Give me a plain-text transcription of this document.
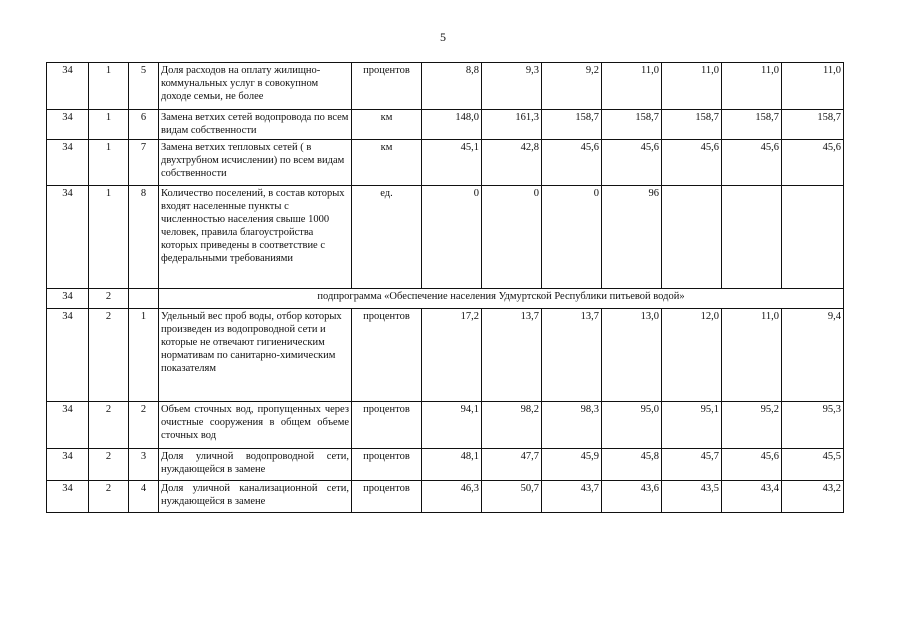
5
34	1	5	Доля расходов на оплату жилищно-коммунальных услуг в совокупном доходе семьи, не более	процентов	8,8	9,3	9,2	11,0	11,0	11,0	11,0
34	1	6	Замена ветхих сетей водопровода по всем видам собственности	км	148,0	161,3	158,7	158,7	158,7	158,7	158,7
34	1	7	Замена ветхих тепловых сетей ( в двухтрубном исчислении) по всем видам собственности	км	45,1	42,8	45,6	45,6	45,6	45,6	45,6
34	1	8	Количество поселений, в состав которых входят населенные пункты с численностью населения свыше 1000 человек, правила благоустройства которых приведены в соответствие с федеральными требованиями	ед.	0	0	0	96			
34	2		подпрограмма «Обеспечение населения Удмуртской Республики питьевой водой»								
34	2	1	Удельный вес проб воды, отбор которых произведен из водопроводной сети и которые не отвечают гигиеническим нормативам по санитарно-химическим показателям	процентов	17,2	13,7	13,7	13,0	12,0	11,0	9,4
34	2	2	Объем сточных вод, пропущенных через очистные сооружения в общем объеме сточных вод	процентов	94,1	98,2	98,3	95,0	95,1	95,2	95,3
34	2	3	Доля уличной водопроводной сети, нуждающейся в замене	процентов	48,1	47,7	45,9	45,8	45,7	45,6	45,5
34	2	4	Доля уличной канализационной сети, нуждающейся в замене	процентов	46,3	50,7	43,7	43,6	43,5	43,4	43,2
